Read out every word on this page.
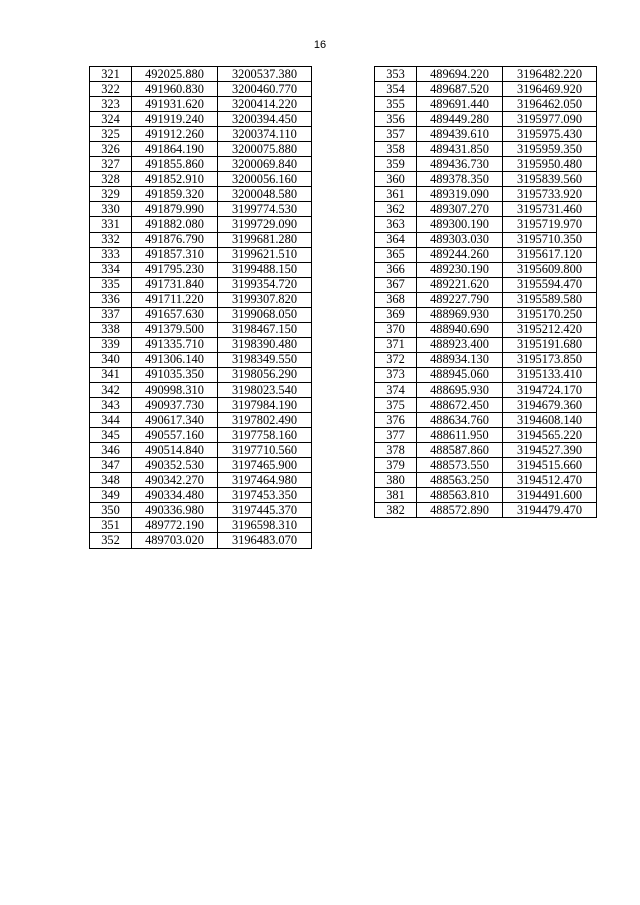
16
321	492025.880	3200537.380
322	491960.830	3200460.770
323	491931.620	3200414.220
324	491919.240	3200394.450
325	491912.260	3200374.110
326	491864.190	3200075.880
327	491855.860	3200069.840
328	491852.910	3200056.160
329	491859.320	3200048.580
330	491879.990	3199774.530
331	491882.080	3199729.090
332	491876.790	3199681.280
333	491857.310	3199621.510
334	491795.230	3199488.150
335	491731.840	3199354.720
336	491711.220	3199307.820
337	491657.630	3199068.050
338	491379.500	3198467.150
339	491335.710	3198390.480
340	491306.140	3198349.550
341	491035.350	3198056.290
342	490998.310	3198023.540
343	490937.730	3197984.190
344	490617.340	3197802.490
345	490557.160	3197758.160
346	490514.840	3197710.560
347	490352.530	3197465.900
348	490342.270	3197464.980
349	490334.480	3197453.350
350	490336.980	3197445.370
351	489772.190	3196598.310
352	489703.020	3196483.070
353	489694.220	3196482.220
354	489687.520	3196469.920
355	489691.440	3196462.050
356	489449.280	3195977.090
357	489439.610	3195975.430
358	489431.850	3195959.350
359	489436.730	3195950.480
360	489378.350	3195839.560
361	489319.090	3195733.920
362	489307.270	3195731.460
363	489300.190	3195719.970
364	489303.030	3195710.350
365	489244.260	3195617.120
366	489230.190	3195609.800
367	489221.620	3195594.470
368	489227.790	3195589.580
369	488969.930	3195170.250
370	488940.690	3195212.420
371	488923.400	3195191.680
372	488934.130	3195173.850
373	488945.060	3195133.410
374	488695.930	3194724.170
375	488672.450	3194679.360
376	488634.760	3194608.140
377	488611.950	3194565.220
378	488587.860	3194527.390
379	488573.550	3194515.660
380	488563.250	3194512.470
381	488563.810	3194491.600
382	488572.890	3194479.470
